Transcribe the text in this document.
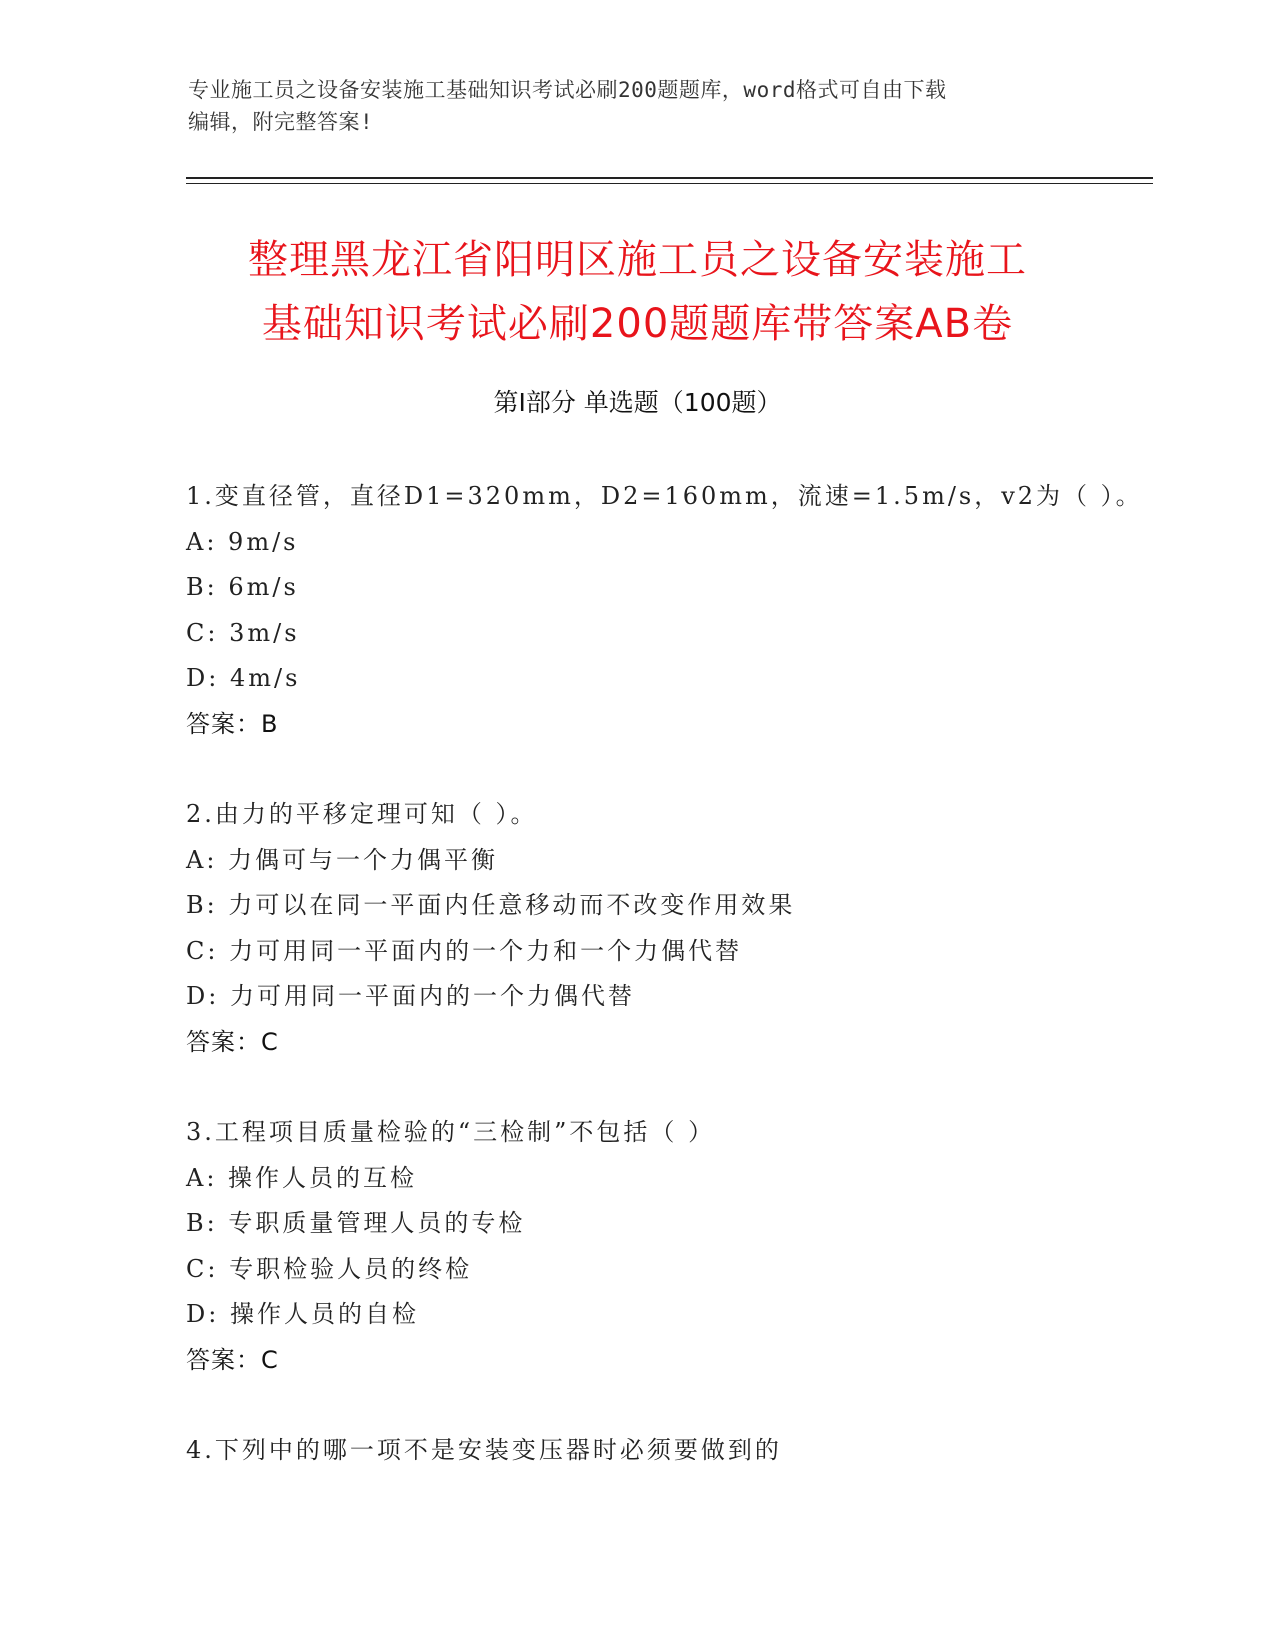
专业施工员之设备安装施工基础知识考试必刷200题题库，word格式可自由下载
编辑，附完整答案!
整理黑龙江省阳明区施工员之设备安装施工
基础知识考试必刷200题题库带答案AB卷
第Ⅰ部分 单选题（100题）
1.变直径管，直径D1=320mm，D2=160mm，流速=1.5m/s，v2为（ ）。
A: 9m/s
B: 6m/s
C: 3m/s
D: 4m/s
答案：B
2.由力的平移定理可知（ ）。
A: 力偶可与一个力偶平衡
B: 力可以在同一平面内任意移动而不改变作用效果
C: 力可用同一平面内的一个力和一个力偶代替
D: 力可用同一平面内的一个力偶代替
答案：C
3.工程项目质量检验的“三检制”不包括（ ）
A: 操作人员的互检
B: 专职质量管理人员的专检
C: 专职检验人员的终检
D: 操作人员的自检
答案：C
4.下列中的哪一项不是安装变压器时必须要做到的
